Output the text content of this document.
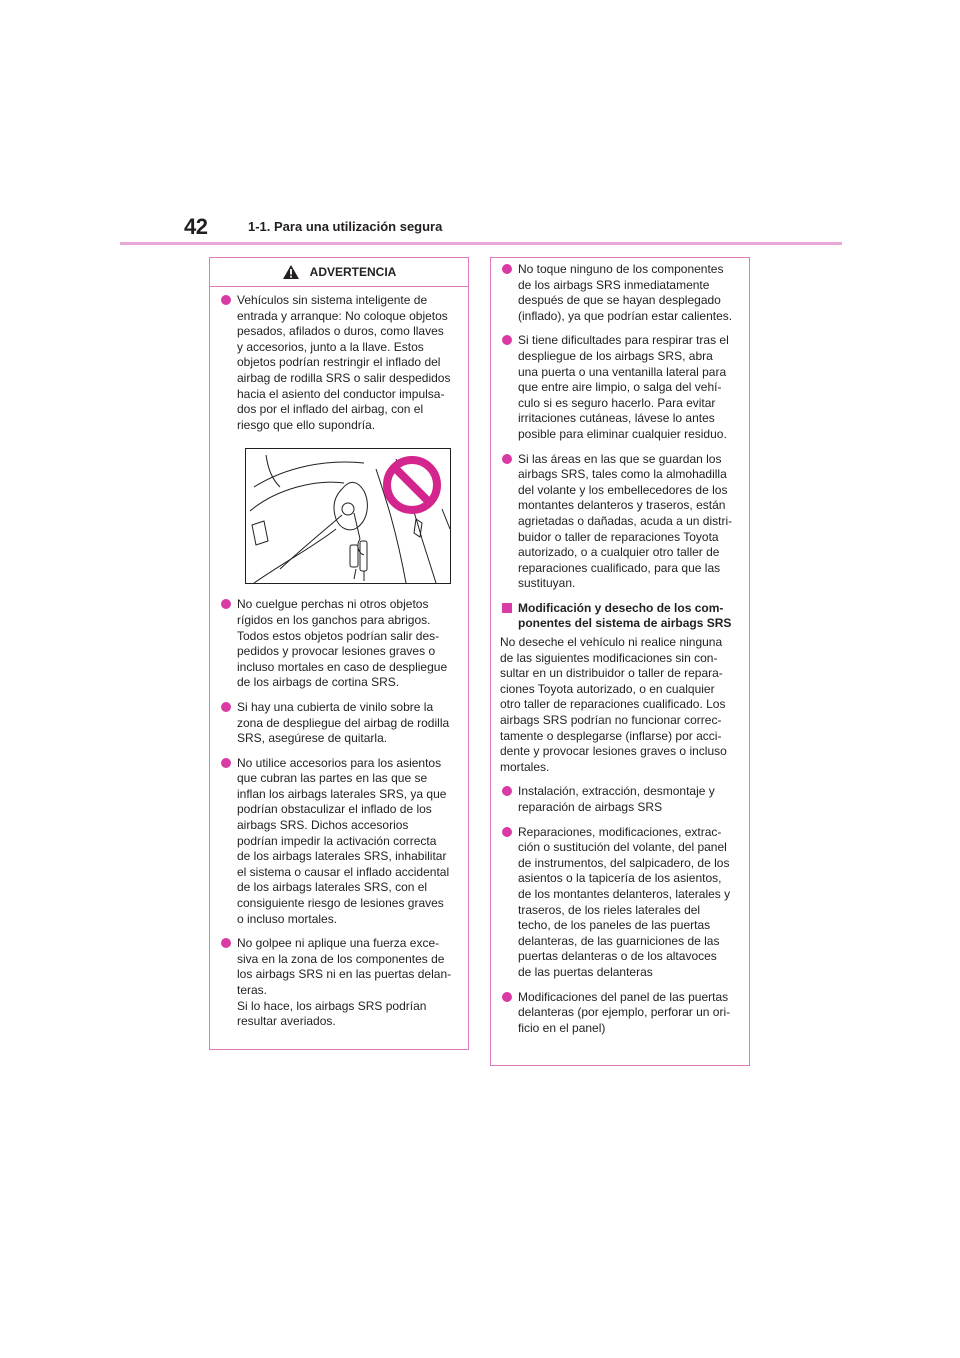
42	1-1. Para una utilización segura
ADVERTENCIA
Vehículos sin sistema inteligente de
entrada y arranque: No coloque objetos
pesados, afilados o duros, como llaves
y accesorios, junto a la llave. Estos
objetos podrían restringir el inflado del
airbag de rodilla SRS o salir despedidos
hacia el asiento del conductor impulsa-
dos por el inflado del airbag, con el
riesgo que ello supondría.
No cuelgue perchas ni otros objetos
rígidos en los ganchos para abrigos.
Todos estos objetos podrían salir des-
pedidos y provocar lesiones graves o
incluso mortales en caso de despliegue
de los airbags de cortina SRS.
Si hay una cubierta de vinilo sobre la
zona de despliegue del airbag de rodilla
SRS, asegúrese de quitarla.
No utilice accesorios para los asientos
que cubran las partes en las que se
inflan los airbags laterales SRS, ya que
podrían obstaculizar el inflado de los
airbags SRS. Dichos accesorios
podrían impedir la activación correcta
de los airbags laterales SRS, inhabilitar
el sistema o causar el inflado accidental
de los airbags laterales SRS, con el
consiguiente riesgo de lesiones graves
o incluso mortales.
No golpee ni aplique una fuerza exce-
siva en la zona de los componentes de
los airbags SRS ni en las puertas delan-
teras.
Si lo hace, los airbags SRS podrían
resultar averiados.
No toque ninguno de los componentes
de los airbags SRS inmediatamente
después de que se hayan desplegado
(inflado), ya que podrían estar calientes.
Si tiene dificultades para respirar tras el
despliegue de los airbags SRS, abra
una puerta o una ventanilla lateral para
que entre aire limpio, o salga del vehí-
culo si es seguro hacerlo. Para evitar
irritaciones cutáneas, lávese lo antes
posible para eliminar cualquier residuo.
Si las áreas en las que se guardan los
airbags SRS, tales como la almohadilla
del volante y los embellecedores de los
montantes delanteros y traseros, están
agrietadas o dañadas, acuda a un distri-
buidor o taller de reparaciones Toyota
autorizado, o a cualquier otro taller de
reparaciones cualificado, para que las
sustituyan.
Modificación y desecho de los com-
ponentes del sistema de airbags SRS
No deseche el vehículo ni realice ninguna
de las siguientes modificaciones sin con-
sultar en un distribuidor o taller de repara-
ciones Toyota autorizado, o en cualquier
otro taller de reparaciones cualificado. Los
airbags SRS podrían no funcionar correc-
tamente o desplegarse (inflarse) por acci-
dente y provocar lesiones graves o incluso
mortales.
Instalación, extracción, desmontaje y
reparación de airbags SRS
Reparaciones, modificaciones, extrac-
ción o sustitución del volante, del panel
de instrumentos, del salpicadero, de los
asientos o la tapicería de los asientos,
de los montantes delanteros, laterales y
traseros, de los rieles laterales del
techo, de los paneles de las puertas
delanteras, de las guarniciones de las
puertas delanteras o de los altavoces
de las puertas delanteras
Modificaciones del panel de las puertas
delanteras (por ejemplo, perforar un ori-
ficio en el panel)
